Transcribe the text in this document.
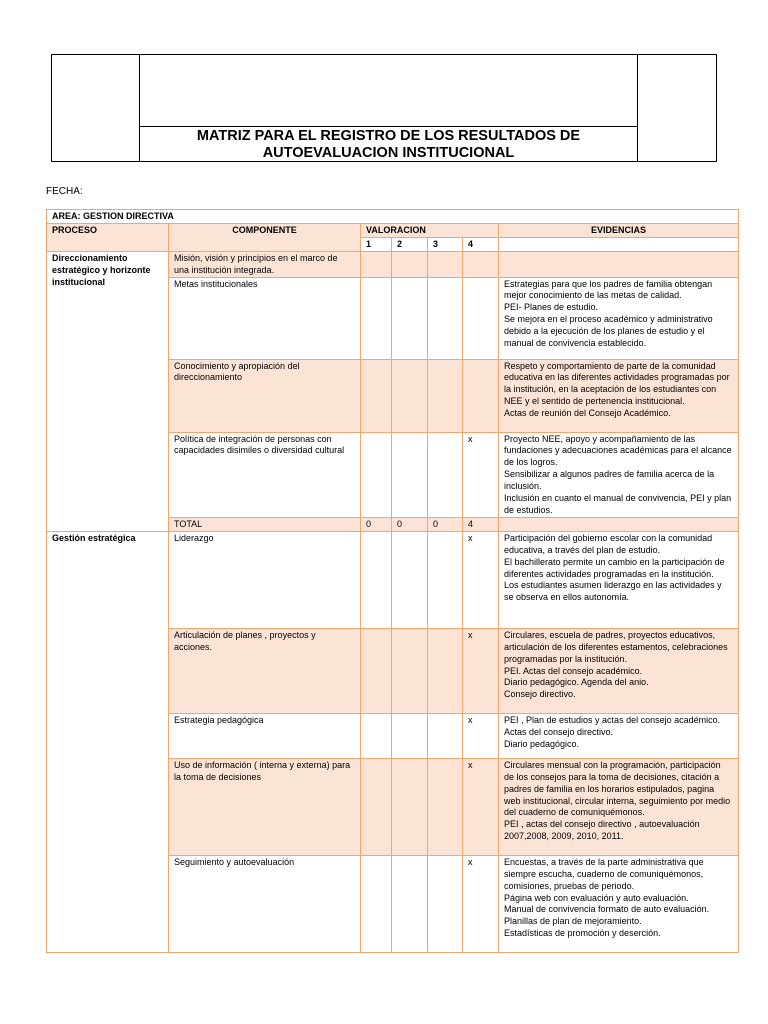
MATRIZ PARA EL REGISTRO DE LOS RESULTADOS DE
AUTOEVALUACION INSTITUCIONAL
FECHA:
AREA: GESTION DIRECTIVA						
PROCESO	COMPONENTE	VALORACION				EVIDENCIAS
		1	2	3	4	
Direccionamiento estratégico y horizonte institucional	Misión, visión y principios en el marco de una institución integrada.					
	Metas institucionales					Estrategias para que los padres de familia obtengan mejor conocimiento de las metas de calidad.
PEI- Planes de estudio.
Se mejora en el proceso académico y administrativo debido a la ejecución de los planes de estudio y el manual de convivencia establecido.

	Conocimiento y apropiación del direccionamiento					Respeto y comportamiento de parte de la comunidad educativa en las diferentes actividades programadas por la institución, en la aceptación de los estudiantes con NEE y el sentido de pertenencia institucional.
Actas de reunión del Consejo Académico.

	Política de integración de personas con capacidades disimiles o diversidad cultural				x	Proyecto NEE, apoyo y acompañamiento de las fundaciones y adecuaciones académicas para el alcance de los logros.
Sensibilizar a algunos padres de familia acerca de la inclusión.
Inclusión en cuanto el manual de convivencia, PEI y plan de estudios.

	TOTAL	0	0	0	4	
Gestión estratégica	Liderazgo				x	Participación del gobierno escolar con la comunidad educativa, a través del plan de estudio.
El bachillerato permite un cambio en la participación de diferentes actividades programadas en la institución.
Los estudiantes asumen liderazgo en las actividades y se observa en ellos autonomía.

	Articulación de planes , proyectos y acciones.				x	Circulares, escuela de padres, proyectos educativos, articulación de los diferentes estamentos, celebraciones programadas por la institución.
PEI. Actas del consejo académico.
Diario pedagógico. Agenda del anio.
Consejo directivo.

	Estrategia pedagógica				x	PEI , Plan de estudios y actas del consejo académico.
Actas del consejo directivo.
Diario pedagógico.

	Uso de información ( interna y externa) para la toma de decisiones				x	Circulares mensual con la programación, participación de los consejos para la toma de decisiones, citación a padres de familia en los horarios estipulados, pagina web institucional, circular interna, seguimiento por medio del cuaderno de comuniquémonos.
PEI , actas del consejo directivo , autoevaluación 2007,2008, 2009, 2010, 2011.

	Seguimiento y autoevaluación				x	Encuestas, a través de la parte administrativa que siempre escucha, cuaderno de comuniquémonos, comisiones, pruebas de periodo.
Página web con evaluación y auto evaluación.
Manual de convivencia formato de auto evaluación.
Planillas de plan de mejoramiento.
Estadísticas de promoción y deserción.
